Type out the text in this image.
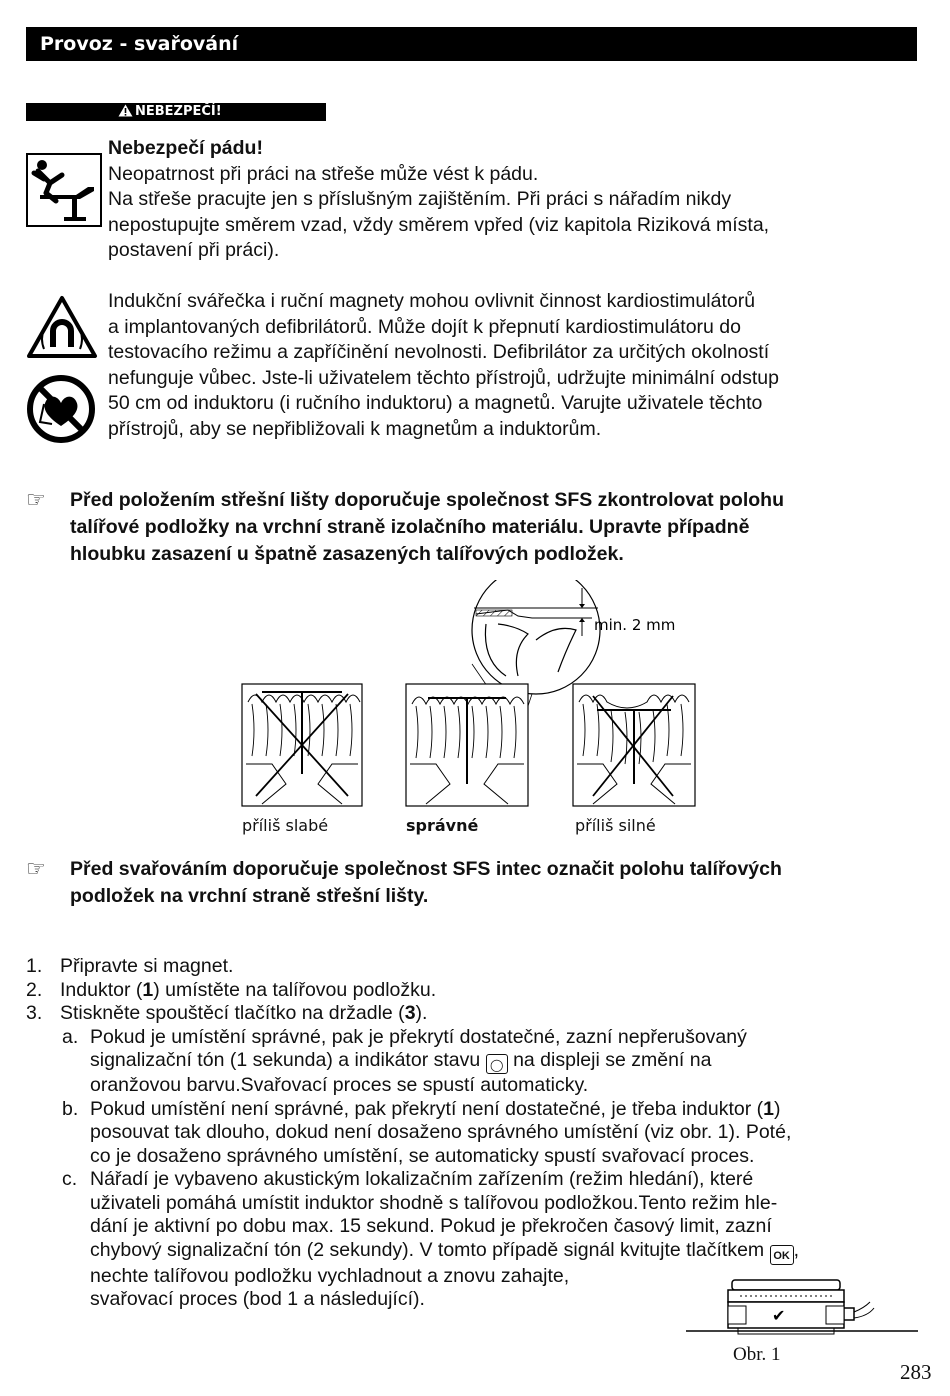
Provoz - svařování
NEBEZPEČÍ!

Nebezpečí pádu!

Neopatrnost při práci na střeše může vést k pádu.

Na střeše pracujte jen s příslušným zajištěním. Při práci s nářadím nikdy

nepostupujte směrem vzad, vždy směrem vpřed (viz kapitola Riziková místa,

postavení při práci).

Indukční svářečka i ruční magnety mohou ovlivnit činnost kardiostimulátorů

a implantovaných defibrilátorů. Může dojít k přepnutí kardiostimulátoru do

testovacího režimu a zapříčinění nevolnosti. Defibrilátor za určitých okolností

nefunguje vůbec. Jste-li uživatelem těchto přístrojů, udržujte minimální odstup

50 cm od induktoru (i ručního induktoru) a magnetů. Varujte uživatele těchto

přístrojů, aby se nepřibližovali k magnetům a induktorům.

☞ Před položením střešní lišty doporučuje společnost SFS zkontrolovat polohu
talířové podložky na vrchní straně izolačního materiálu. Upravte případně
hloubku zasazení u špatně zasazených talířových podložek.
min. 2 mm
příliš slabé	správné	příliš silné
☞ Před svařováním doporučuje společnost SFS intec označit polohu talířových
podložek na vrchní straně střešní lišty.
1. Připravte si magnet.
2. Induktor (1) umístěte na talířovou podložku.
3. Stiskněte spouštěcí tlačítko na držadle (3).
a. Pokud je umístění správné, pak je překrytí dostatečné, zazní nepřerušovaný
signalizační tón (1 sekunda) a indikátor stavu ◯ na displeji se změní na
oranžovou barvu.Svařovací proces se spustí automaticky.
b. Pokud umístění není správné, pak překrytí není dostatečné, je třeba induktor (1)
posouvat tak dlouho, dokud není dosaženo správného umístění (viz obr. 1). Poté,
co je dosaženo správného umístění, se automaticky spustí svařovací proces.
c. Nářadí je vybaveno akustickým lokalizačním zařízením (režim hledání), které
uživateli pomáhá umístit induktor shodně s talířovou podložkou.Tento režim hle-
dání je aktivní po dobu max. 15 sekund. Pokud je překročen časový limit, zazní
chybový signalizační tón (2 sekundy). V tomto případě signál kvitujte tlačítkem OK ,
nechte talířovou podložku vychladnout a znovu zahajte,
svařovací proces (bod 1 a následující).
✔
Obr. 1
283
